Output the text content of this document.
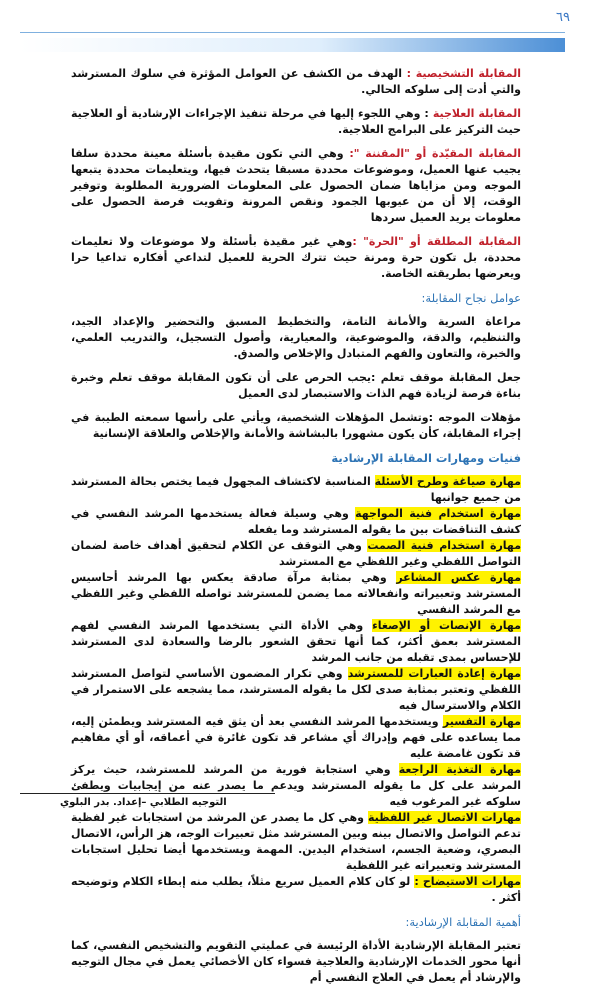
٦٩

المقابلة التشخيصية : الهدف من الكشف عن العوامل المؤثرة في سلوك المسترشد والتي أدت إلى سلوكه الحالي.

المقابلة العلاجية : وهي اللجوء إليها في مرحلة تنفيذ الإجراءات الإرشادية أو العلاجية حيث التركيز على البرامج العلاجية.

المقابلة المقيّدة أو "المقننة ": وهي التي تكون مقيدة بأسئلة معينة محددة سلفا يجيب عنها العميل، وموضوعات محددة مسبقا يتحدث فيها، ويتعليمات محددة يتبعها الموجه ومن مزاياها ضمان الحصول على المعلومات الضرورية المطلوبة وتوفير الوقت، إلا أن من عيوبها الجمود ونقص المرونة وتفويت فرصة الحصول على معلومات يريد العميل سردها

المقابلة المطلقة أو "الحرة" :وهي غير مقيدة بأسئلة ولا موضوعات ولا تعليمات محددة، بل تكون حرة ومرنة حيث تترك الحرية للعميل لتداعي أفكاره تداعيا حرا ويعرضها بطريقته الخاصة.

عوامل نجاح المقابلة:

مراعاة السرية والأمانة التامة، والتخطيط المسبق والتحضير والإعداد الجيد، والتنظيم، والدقة، والموضوعية، والمعيارية، وأصول التسجيل، والتدريب العلمي، والخبرة، والتعاون والفهم المتبادل والإخلاص والصدق.

جعل المقابلة موقف تعلم :يجب الحرص على أن تكون المقابلة موقف تعلم وخبرة بناءة فرصة لزيادة فهم الذات والاستبصار لدى العميل

مؤهلات الموجه :وتشمل المؤهلات الشخصية، ويأتي على رأسها سمعته الطيبة في إجراء المقابلة، كأن يكون مشهورا بالبشاشة والأمانة والإخلاص والعلاقة الإنسانية

فنيات ومهارات المقابلة الإرشادية

مهارة صياغة وطرح الأسئلة المناسبة لاكتشاف المجهول فيما يختص بحالة المسترشد من جميع جوانبها

مهارة استخدام فنية المواجهة وهي وسيلة فعالة يستخدمها المرشد النفسي في كشف التناقضات بين ما يقوله المسترشد وما يفعله

مهارة استخدام فنية الصمت وهي التوقف عن الكلام لتحقيق أهداف خاصة لضمان التواصل اللفظي وغير اللفظي مع المسترشد

مهارة عكس المشاعر وهي بمثابة مرآة صادقة يعكس بها المرشد أحاسيس المسترشد وتعبيراته وانفعالاته مما يضمن للمسترشد تواصله اللفظي وغير اللفظي مع المرشد النفسي

مهارة الإنصات أو الإصغاء وهي الأداة التي يستخدمها المرشد النفسي لفهم المسترشد بعمق أكثر، كما أنها تحقق الشعور بالرضا والسعادة لدى المسترشد للإحساس بمدى تقبله من جانب المرشد

مهارة إعادة العبارات للمسترشد وهي تكرار المضمون الأساسي لتواصل المسترشد اللفظي وتعتبر بمثابة صدى لكل ما يقوله المسترشد، مما يشجعه على الاستمرار في الكلام والاسترسال فيه

مهارة التفسير ويستخدمها المرشد النفسي بعد أن يثق فيه المسترشد ويطمئن إليه، مما يساعده على فهم وإدراك أي مشاعر قد تكون غائرة في أعماقه، أو أي مفاهيم قد تكون غامضة عليه

مهارة التغذية الراجعة وهي استجابة فورية من المرشد للمسترشد، حيث يركز المرشد على كل ما يقوله المسترشد ويدعم ما يصدر عنه من إيجابيات ويطفئ سلوكه غير المرغوب فيه

مهارات الاتصال غير اللفظية وهي كل ما يصدر عن المرشد من استجابات غير لفظية تدعم التواصل والاتصال بينه وبين المسترشد مثل تعبيرات الوجه، هز الرأس، الاتصال البصري، وضعية الجسم، استخدام اليدين. المهمة ويستخدمها أيضا تحليل استجابات المسترشد وتعبيراته غير اللفظية

مهارات الاستيضاح : لو كان كلام العميل سريع مثلاً، يطلب منه إبطاء الكلام وتوضيحه أكثر .

أهمية المقابلة الإرشادية:

تعتبر المقابلة الإرشادية الأداة الرئيسة في عمليتي التقويم والتشخيص النفسي، كما أنها محور الخدمات الإرشادية والعلاجية فسواء كان الأخصائي يعمل في مجال التوجيه والإرشاد أم يعمل في العلاج النفسي أم

التوجيه الطلابي –إعداد. بدر البلوي
